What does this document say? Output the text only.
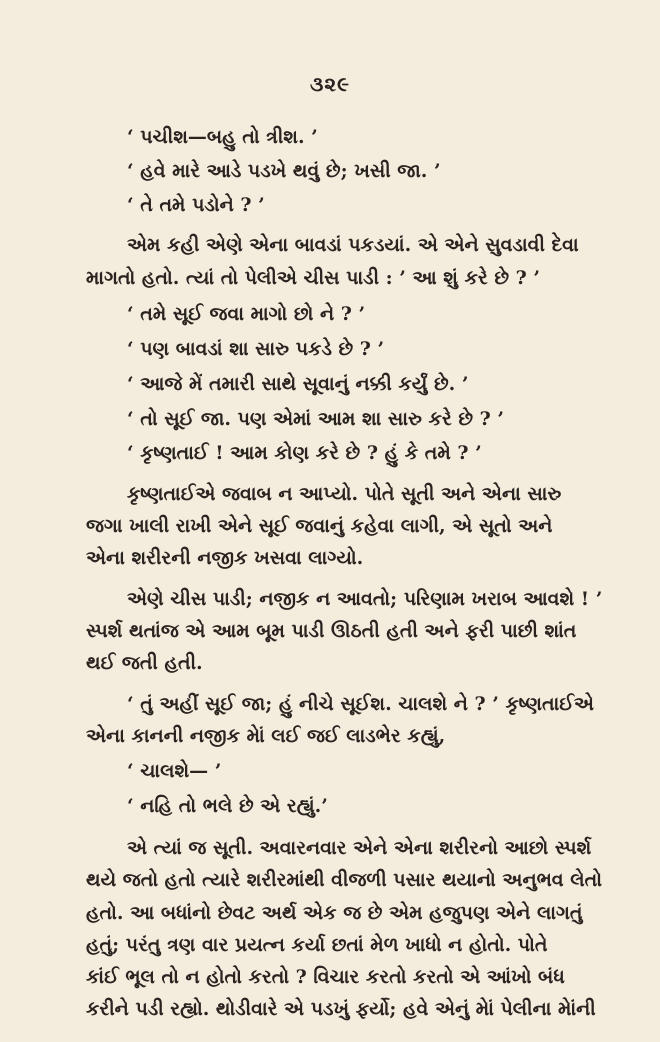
૩૨૯
‘ પચીશ—બહુ તો ત્રીશ. ’
‘ હવે મારે આડે પડખે થવું છે; ખસી જા. ’
‘ તે તમે પડોને ? ’
એમ કહી એણે એના બાવડાં પકડયાં. એ એને સુવડાવી દેવા
માગતો હતો. ત્યાં તો પેલીએ ચીસ પાડી : ’ આ શું કરે છે ? ’
‘ તમે સૂઈ જવા માગો છો ને ? ’
‘ પણ બાવડાં શા સારુ પકડે છે ? ’
‘ આજે મેં તમારી સાથે સૂવાનું નક્કી કર્યું છે. ’
‘ તો સૂઈ જા. પણ એમાં આમ શા સારુ કરે છે ? ’
‘ કૃષ્ણતાઈ ! આમ કોણ કરે છે ? હું કે તમે ? ’
કૃષ્ણતાઈએ જવાબ ન આપ્યો. પોતે સૂતી અને એના સારુ
જગા ખાલી રાખી એને સૂઈ જવાનું કહેવા લાગી, એ સૂતો અને
એના શરીરની નજીક ખસવા લાગ્યો.
એણે ચીસ પાડી; નજીક ન આવતો; પરિણામ ખરાબ આવશે ! ’
સ્પર્શ થતાંજ એ આમ બૂમ પાડી ઊઠતી હતી અને ફરી પાછી શાંત
થઈ જતી હતી.
‘ તું અહીં સૂઈ જા; હું નીચે સૂઈશ. ચાલશે ને ? ’ કૃષ્ણતાઈએ
એના કાનની નજીક મેાં લઈ જઈ લાડભેર કહ્યું,
‘ ચાલશે— ’
‘ નહિ તો ભલે છે એ રહ્યું.’
એ ત્યાં જ સૂતી. અવારનવાર એને એના શરીરનો આછો સ્પર્શ
થયે જતો હતો ત્યારે શરીરમાંથી વીજળી પસાર થયાનો અનુભવ લેતો
હતો. આ બધાંનો છેવટ અર્થ એક જ છે એમ હજુપણ એને લાગતું
હતું; પરંતુ ત્રણ વાર પ્રયત્ન કર્યા છતાં મેળ ખાધો ન હોતો. પોતે
કાંઈ ભૂલ તો ન હોતો કરતો ? વિચાર કરતો કરતો એ આંખો બંધ
કરીને પડી રહ્યો. થોડીવારે એ પડખું ફર્યો; હવે એનું મેાં પેલીના મેાંની
